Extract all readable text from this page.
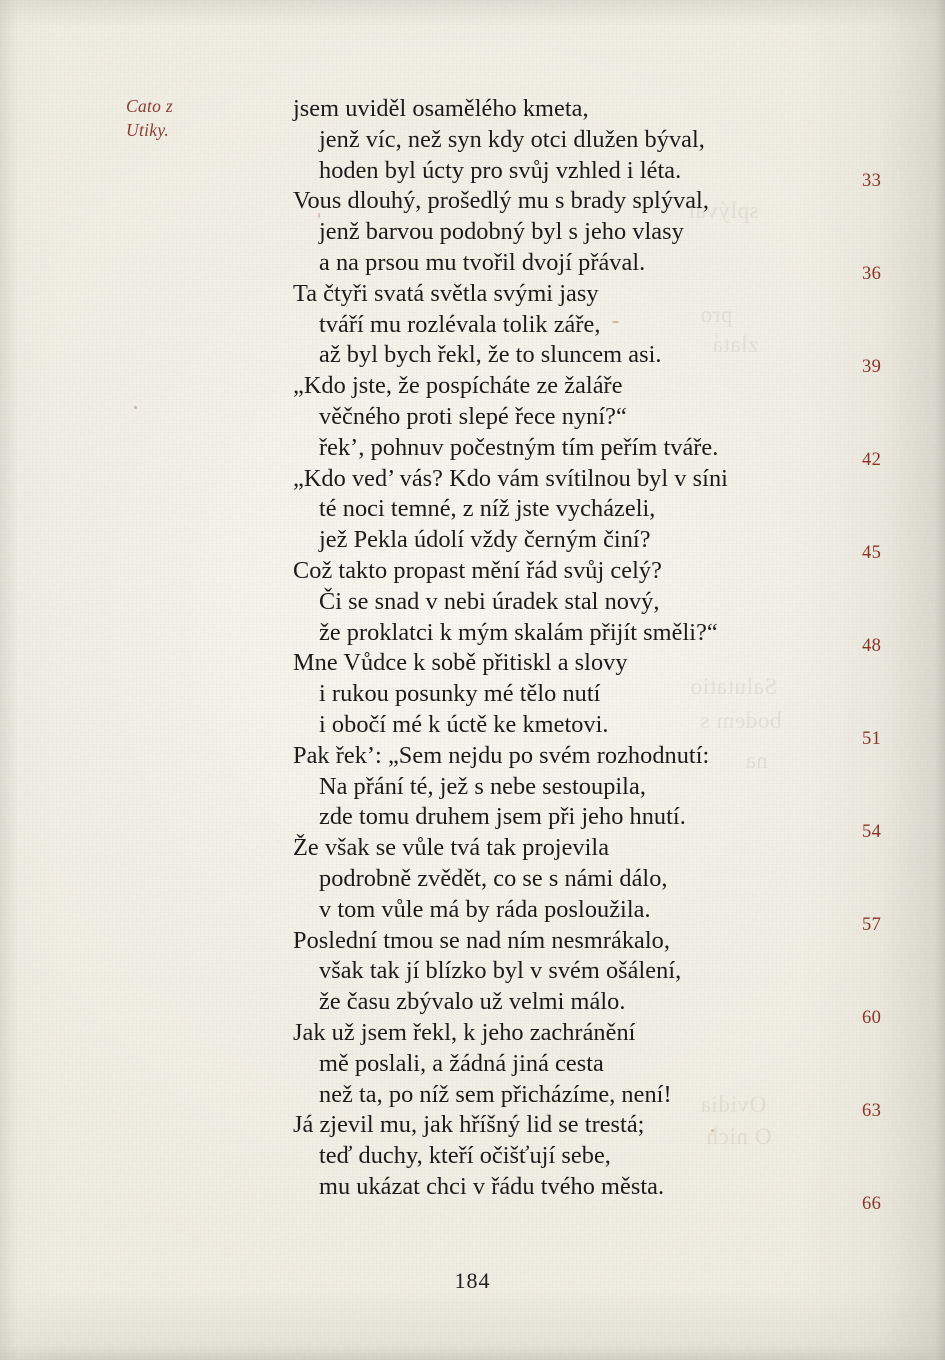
pro
splýval
Salutatio
bodem s
zlatá
na
Ovidia
O nich
Cato z
Utiky.
jsem uviděl osamělého kmeta,
jenž víc, než syn kdy otci dlužen býval,
hoden byl úcty pro svůj vzhled i léta.
Vous dlouhý, prošedlý mu s brady splýval,
jenž barvou podobný byl s jeho vlasy
a na prsou mu tvořil dvojí přával.
Ta čtyři svatá světla svými jasy
tváří mu rozlévala tolik záře,
až byl bych řekl, že to sluncem asi.
„Kdo jste, že pospícháte ze žaláře
věčného proti slepé řece nyní?“
řek’, pohnuv počestným tím peřím tváře.
„Kdo ved’ vás? Kdo vám svítilnou byl v síni
té noci temné, z níž jste vycházeli,
jež Pekla údolí vždy černým činí?
Což takto propast mění řád svůj celý?
Či se snad v nebi úradek stal nový,
že proklatci k mým skalám přijít směli?“
Mne Vůdce k sobě přitiskl a slovy
i rukou posunky mé tělo nutí
i obočí mé k úctě ke kmetovi.
Pak řek’: „Sem nejdu po svém rozhodnutí:
Na přání té, jež s nebe sestoupila,
zde tomu druhem jsem při jeho hnutí.
Že však se vůle tvá tak projevila
podrobně zvědět, co se s námi dálo,
v tom vůle má by ráda posloužila.
Poslední tmou se nad ním nesmrákalo,
však tak jí blízko byl v svém ošálení,
že času zbývalo už velmi málo.
Jak už jsem řekl, k jeho zachránění
mě poslali, a žádná jiná cesta
než ta, po níž sem přicházíme, není!
Já zjevil mu, jak hříšný lid se trestá;
teď duchy, kteří očišťují sebe,
mu ukázat chci v řádu tvého města.
33
36
39
42
45
48
51
54
57
60
63
66
184
